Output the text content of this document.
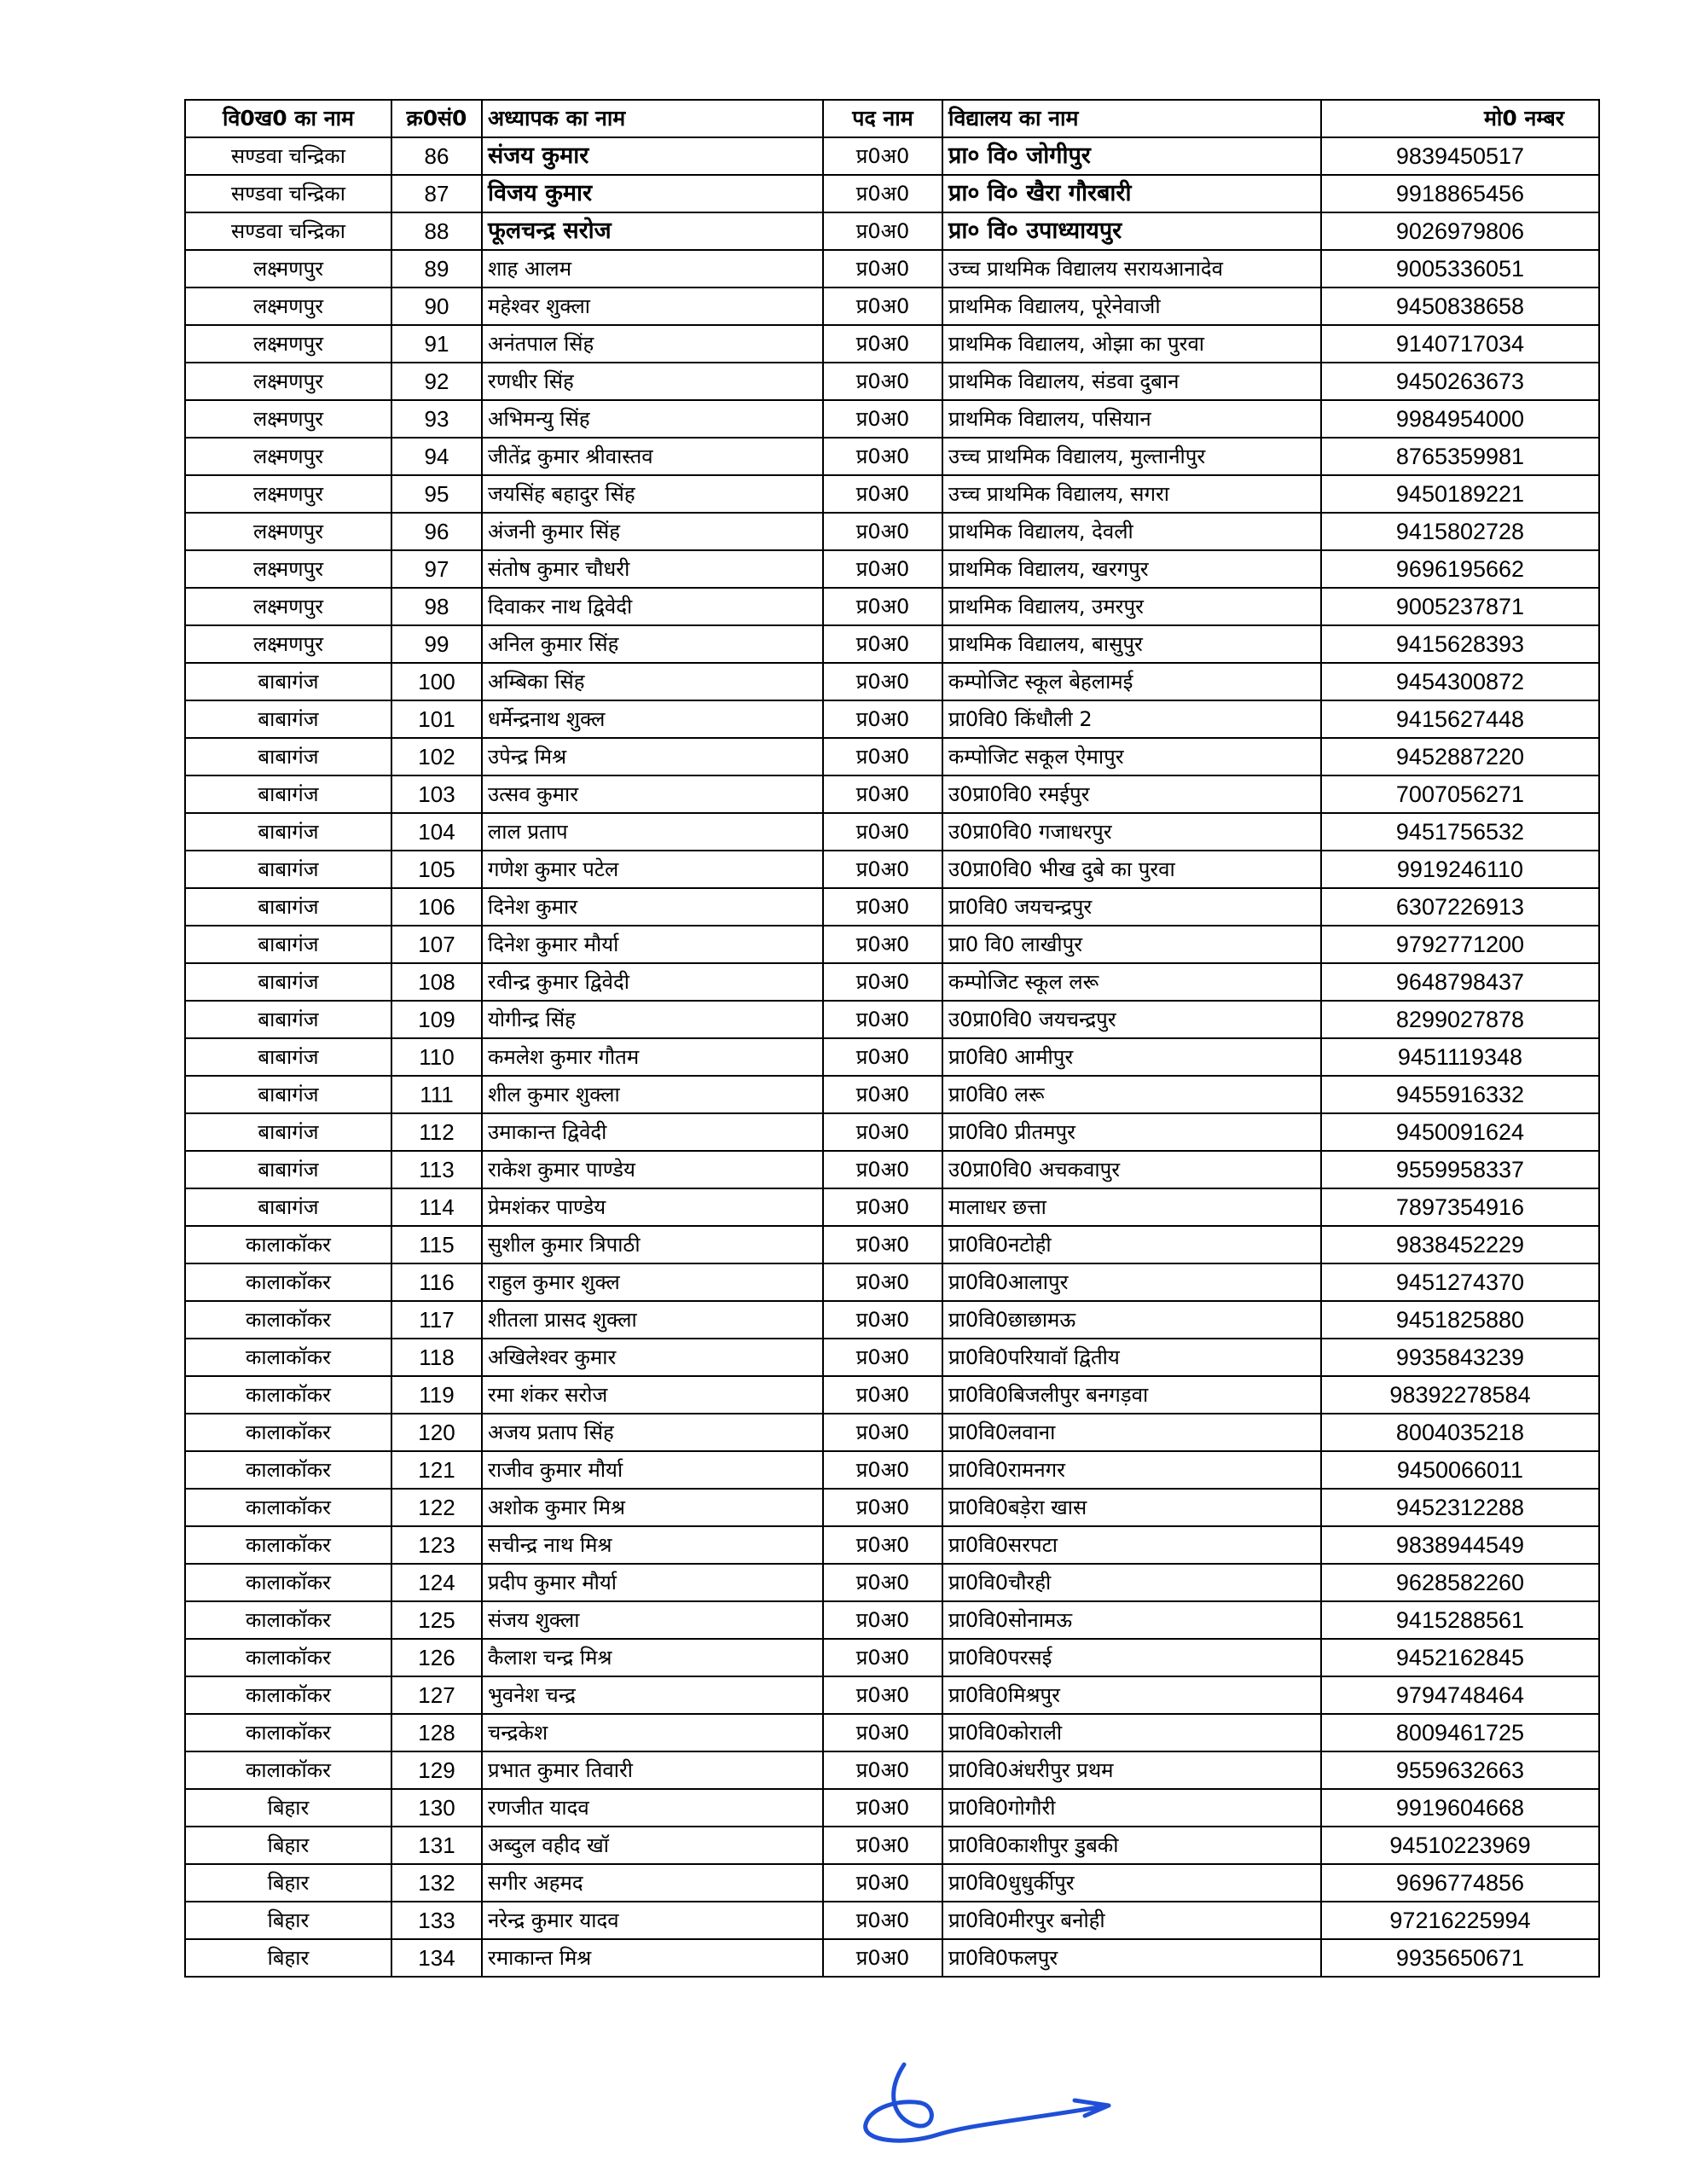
वि0ख0 का नाम	क्र0सं0	अध्यापक का नाम	पद नाम	विद्यालय का नाम	मो0 नम्बर
सण्डवा चन्द्रिका	86	संजय कुमार	प्र0अ0	प्रा० वि० जोगीपुर	9839450517
सण्डवा चन्द्रिका	87	विजय कुमार	प्र0अ0	प्रा० वि० खैरा गौरबारी	9918865456
सण्डवा चन्द्रिका	88	फूलचन्द्र सरोज	प्र0अ0	प्रा० वि० उपाध्यायपुर	9026979806
लक्ष्मणपुर	89	शाह आलम	प्र0अ0	उच्च प्राथमिक विद्यालय सरायआनादेव	9005336051
लक्ष्मणपुर	90	महेश्वर शुक्ला	प्र0अ0	प्राथमिक विद्यालय, पूरेनेवाजी	9450838658
लक्ष्मणपुर	91	अनंतपाल सिंह	प्र0अ0	प्राथमिक विद्यालय, ओझा का पुरवा	9140717034
लक्ष्मणपुर	92	रणधीर सिंह	प्र0अ0	प्राथमिक विद्यालय, संडवा दुबान	9450263673
लक्ष्मणपुर	93	अभिमन्यु सिंह	प्र0अ0	प्राथमिक विद्यालय, पसियान	9984954000
लक्ष्मणपुर	94	जीतेंद्र कुमार श्रीवास्तव	प्र0अ0	उच्च प्राथमिक विद्यालय, मुल्तानीपुर	8765359981
लक्ष्मणपुर	95	जयसिंह बहादुर सिंह	प्र0अ0	उच्च प्राथमिक विद्यालय, सगरा	9450189221
लक्ष्मणपुर	96	अंजनी कुमार सिंह	प्र0अ0	प्राथमिक विद्यालय, देवली	9415802728
लक्ष्मणपुर	97	संतोष कुमार चौधरी	प्र0अ0	प्राथमिक विद्यालय, खरगपुर	9696195662
लक्ष्मणपुर	98	दिवाकर नाथ द्विवेदी	प्र0अ0	प्राथमिक विद्यालय, उमरपुर	9005237871
लक्ष्मणपुर	99	अनिल कुमार सिंह	प्र0अ0	प्राथमिक विद्यालय, बासुपुर	9415628393
बाबागंज	100	अम्बिका सिंह	प्र0अ0	कम्पोजिट स्कूल बेहलामई	9454300872
बाबागंज	101	धर्मेन्द्रनाथ शुक्ल	प्र0अ0	प्रा0वि0 किंधौली 2	9415627448
बाबागंज	102	उपेन्द्र मिश्र	प्र0अ0	कम्पोजिट सकूल ऐमापुर	9452887220
बाबागंज	103	उत्सव कुमार	प्र0अ0	उ0प्रा0वि0 रमईपुर	7007056271
बाबागंज	104	लाल प्रताप	प्र0अ0	उ0प्रा0वि0 गजाधरपुर	9451756532
बाबागंज	105	गणेश कुमार पटेल	प्र0अ0	उ0प्रा0वि0 भीख दुबे का पुरवा	9919246110
बाबागंज	106	दिनेश कुमार	प्र0अ0	प्रा0वि0 जयचन्द्रपुर	6307226913
बाबागंज	107	दिनेश कुमार मौर्या	प्र0अ0	प्रा0 वि0 लाखीपुर	9792771200
बाबागंज	108	रवीन्द्र कुमार द्विवेदी	प्र0अ0	कम्पोजिट स्कूल लरू	9648798437
बाबागंज	109	योगीन्द्र सिंह	प्र0अ0	उ0प्रा0वि0 जयचन्द्रपुर	8299027878
बाबागंज	110	कमलेश कुमार गौतम	प्र0अ0	प्रा0वि0 आमीपुर	9451119348
बाबागंज	111	शील कुमार शुक्ला	प्र0अ0	प्रा0वि0 लरू	9455916332
बाबागंज	112	उमाकान्त द्विवेदी	प्र0अ0	प्रा0वि0 प्रीतमपुर	9450091624
बाबागंज	113	राकेश कुमार पाण्डेय	प्र0अ0	उ0प्रा0वि0 अचकवापुर	9559958337
बाबागंज	114	प्रेमशंकर पाण्डेय	प्र0अ0	मालाधर छत्ता	7897354916
कालाकॉकर	115	सुशील कुमार त्रिपाठी	प्र0अ0	प्रा0वि0नटोही	9838452229
कालाकॉकर	116	राहुल कुमार शुक्ल	प्र0अ0	प्रा0वि0आलापुर	9451274370
कालाकॉकर	117	शीतला प्रासद शुक्ला	प्र0अ0	प्रा0वि0छाछामऊ	9451825880
कालाकॉकर	118	अखिलेश्वर कुमार	प्र0अ0	प्रा0वि0परियावॉ द्वितीय	9935843239
कालाकॉकर	119	रमा शंकर सरोज	प्र0अ0	प्रा0वि0बिजलीपुर बनगड़वा	98392278584
कालाकॉकर	120	अजय प्रताप सिंह	प्र0अ0	प्रा0वि0लवाना	8004035218
कालाकॉकर	121	राजीव कुमार मौर्या	प्र0अ0	प्रा0वि0रामनगर	9450066011
कालाकॉकर	122	अशोक कुमार मिश्र	प्र0अ0	प्रा0वि0बड़ेरा खास	9452312288
कालाकॉकर	123	सचीन्द्र नाथ मिश्र	प्र0अ0	प्रा0वि0सरपटा	9838944549
कालाकॉकर	124	प्रदीप कुमार मौर्या	प्र0अ0	प्रा0वि0चौरही	9628582260
कालाकॉकर	125	संजय शुक्ला	प्र0अ0	प्रा0वि0सोनामऊ	9415288561
कालाकॉकर	126	कैलाश चन्द्र मिश्र	प्र0अ0	प्रा0वि0परसई	9452162845
कालाकॉकर	127	भुवनेश चन्द्र	प्र0अ0	प्रा0वि0मिश्रपुर	9794748464
कालाकॉकर	128	चन्द्रकेश	प्र0अ0	प्रा0वि0कोराली	8009461725
कालाकॉकर	129	प्रभात कुमार तिवारी	प्र0अ0	प्रा0वि0अंधरीपुर प्रथम	9559632663
बिहार	130	रणजीत यादव	प्र0अ0	प्रा0वि0गोगौरी	9919604668
बिहार	131	अब्दुल वहीद खॉ	प्र0अ0	प्रा0वि0काशीपुर डुबकी	94510223969
बिहार	132	सगीर अहमद	प्र0अ0	प्रा0वि0धुधुर्कीपुर	9696774856
बिहार	133	नरेन्द्र कुमार यादव	प्र0अ0	प्रा0वि0मीरपुर बनोही	97216225994
बिहार	134	रमाकान्त मिश्र	प्र0अ0	प्रा0वि0फलपुर	9935650671
